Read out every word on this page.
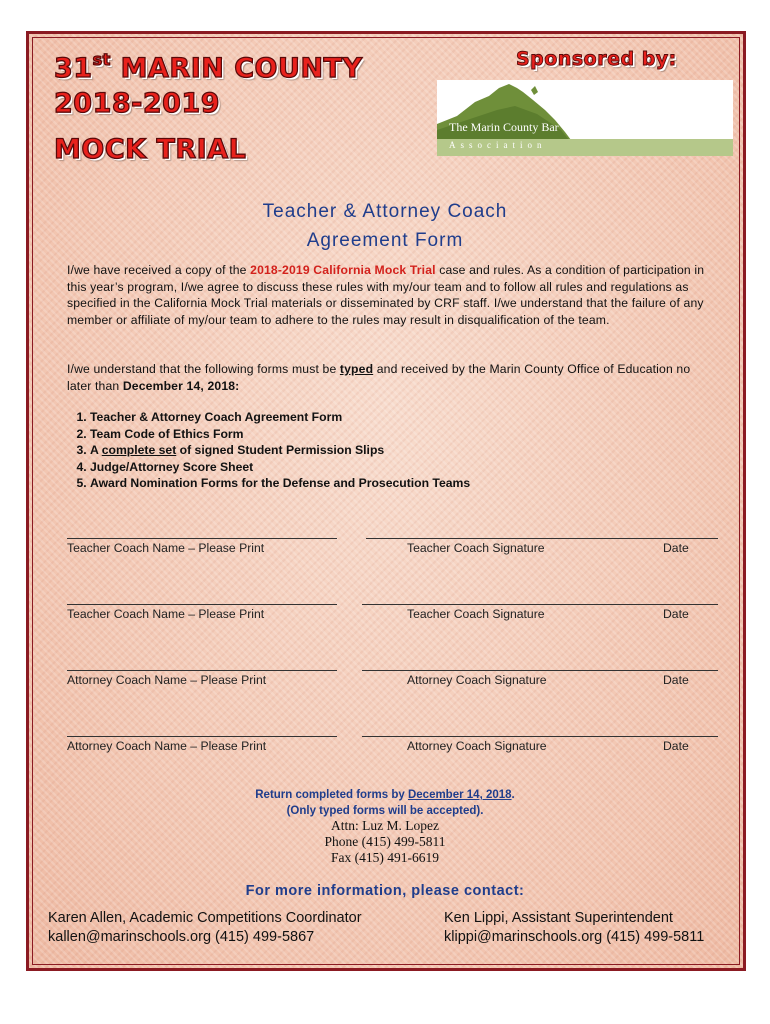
31st MARIN COUNTY
2018-2019
MOCK TRIAL
Sponsored by:
The Marin County Bar
Association
Teacher & Attorney Coach
Agreement Form

I/we have received a copy of the 2018-2019 California Mock Trial case and rules. As a condition of participation in this year’s program, I/we agree to discuss these rules with my/our team and to follow all rules and regulations as specified in the California Mock Trial materials or disseminated by CRF staff. I/we understand that the failure of any member or affiliate of my/our team to adhere to the rules may result in disqualification of the team.

I/we understand that the following forms must be typed and received by the Marin County Office of Education no later than December 14, 2018:

1. Teacher & Attorney Coach Agreement Form
2. Team Code of Ethics Form
3. A complete set of signed Student Permission Slips
4. Judge/Attorney Score Sheet
5. Award Nomination Forms for the Defense and Prosecution Teams
Teacher Coach Name – Please Print	Teacher Coach Signature	Date
Teacher Coach Name – Please Print	Teacher Coach Signature	Date
Attorney Coach Name – Please Print	Attorney Coach Signature	Date
Attorney Coach Name – Please Print	Attorney Coach Signature	Date
Return completed forms by December 14, 2018.
(Only typed forms will be accepted).
Attn: Luz M. Lopez
Phone (415) 499-5811
Fax (415) 491-6619
For more information, please contact:
Karen Allen, Academic Competitions Coordinator
kallen@marinschools.org (415) 499-5867
Ken Lippi, Assistant Superintendent
klippi@marinschools.org (415) 499-5811
